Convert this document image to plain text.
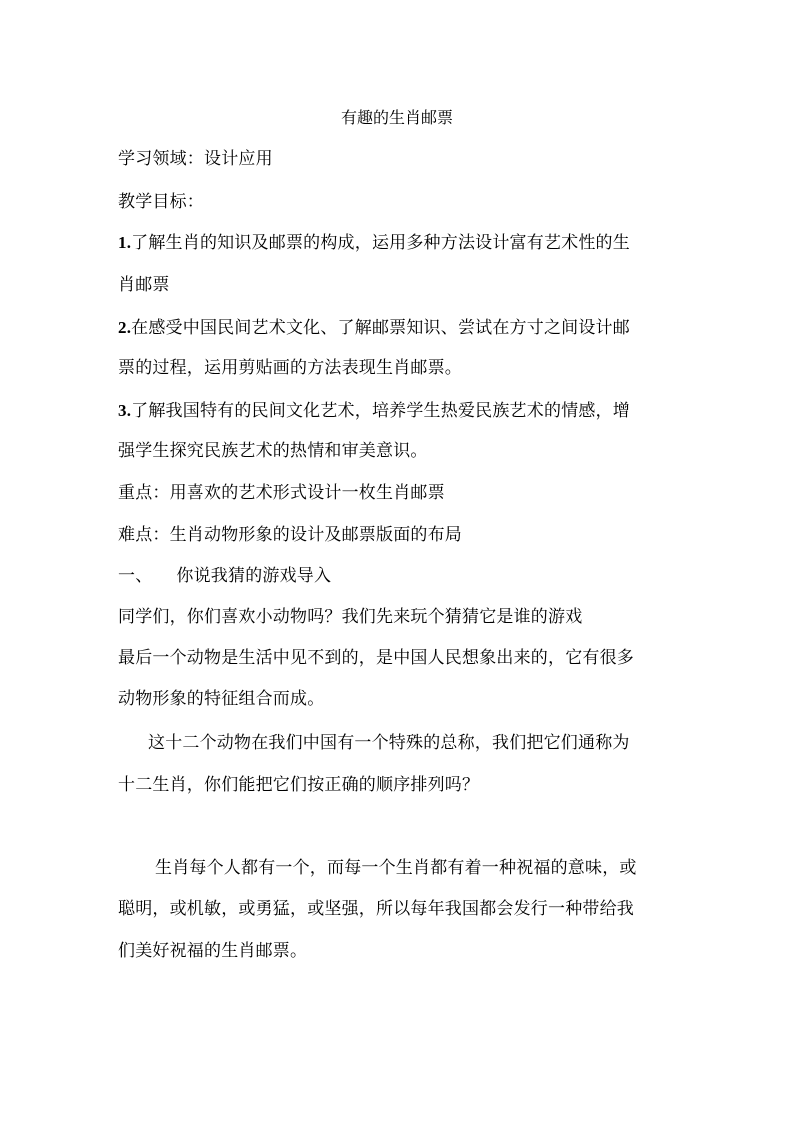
有趣的生肖邮票
学习领域：设计应用
教学目标：
1.了解生肖的知识及邮票的构成，运用多种方法设计富有艺术性的生
肖邮票
2.在感受中国民间艺术文化、了解邮票知识、尝试在方寸之间设计邮
票的过程，运用剪贴画的方法表现生肖邮票。
3.了解我国特有的民间文化艺术，培养学生热爱民族艺术的情感，增
强学生探究民族艺术的热情和审美意识。
重点：用喜欢的艺术形式设计一枚生肖邮票
难点：生肖动物形象的设计及邮票版面的布局
一、 你说我猜的游戏导入
同学们，你们喜欢小动物吗？我们先来玩个猜猜它是谁的游戏
最后一个动物是生活中见不到的，是中国人民想象出来的，它有很多
动物形象的特征组合而成。
这十二个动物在我们中国有一个特殊的总称，我们把它们通称为
十二生肖，你们能把它们按正确的顺序排列吗？
生肖每个人都有一个，而每一个生肖都有着一种祝福的意味，或
聪明，或机敏，或勇猛，或坚强，所以每年我国都会发行一种带给我
们美好祝福的生肖邮票。
